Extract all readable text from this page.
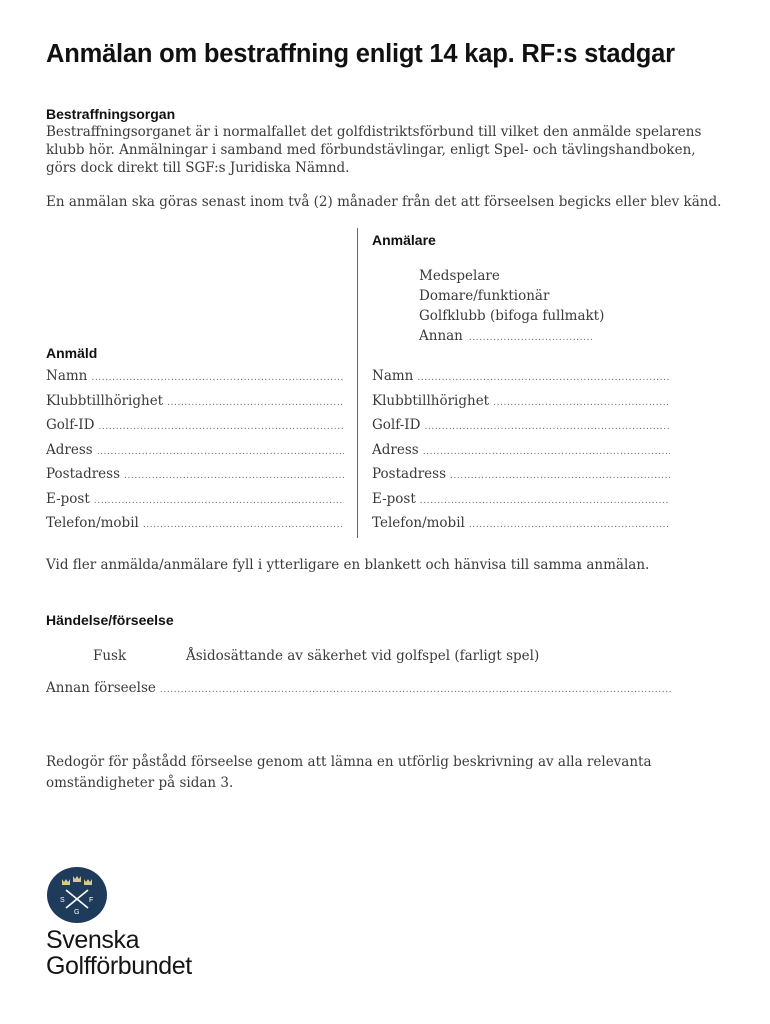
Anmälan om bestraffning enligt 14 kap. RF:s stadgar
Bestraffningsorgan
Bestraffningsorganet är i normalfallet det golfdistriktsförbund till vilket den anmälde spelarens klubb hör. Anmälningar i samband med förbundstävlingar, enligt Spel- och tävlingshandboken, görs dock direkt till SGF:s Juridiska Nämnd.
En anmälan ska göras senast inom två (2) månader från det att förseelsen begicks eller blev känd.
Anmälare
Medspelare
Domare/funktionär
Golfklubb (bifoga fullmakt)
Annan
.....
Anmäld
Namn
.....
Klubbtillhörighet
.....
Golf-ID
.....
Adress
.....
Postadress
.....
E-post
.....
Telefon/mobil
.....
Namn
.....
Klubbtillhörighet
.....
Golf-ID
.....
Adress
.....
Postadress
.....
E-post
.....
Telefon/mobil
.....
Vid fler anmälda/anmälare fyll i ytterligare en blankett och hänvisa till samma anmälan.
Händelse/förseelse
Fusk	Åsidosättande av säkerhet vid golfspel (farligt spel)
Annan förseelse
.....
Redogör för påstådd förseelse genom att lämna en utförlig beskrivning av alla relevanta omständigheter på sidan 3.
S
G
F
Svenska
Golfförbundet
